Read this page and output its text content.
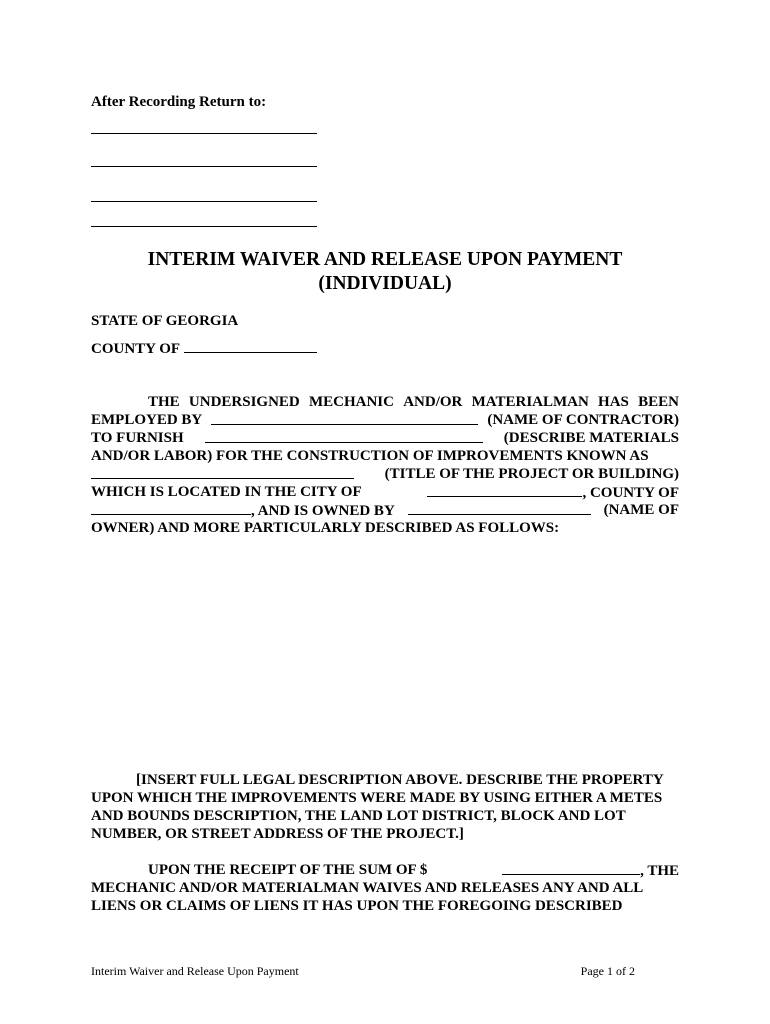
After Recording Return to:
INTERIM WAIVER AND RELEASE UPON PAYMENT
(INDIVIDUAL)
STATE OF GEORGIA
COUNTY OF
THE UNDERSIGNED MECHANIC AND/OR MATERIALMAN HAS BEEN
EMPLOYED BY	(NAME OF CONTRACTOR)
TO FURNISH	(DESCRIBE MATERIALS
AND/OR LABOR) FOR THE CONSTRUCTION OF IMPROVEMENTS KNOWN AS
(TITLE OF THE PROJECT OR BUILDING)
WHICH IS LOCATED IN THE CITY OF	, COUNTY OF
, AND IS OWNED BY	(NAME OF
OWNER) AND MORE PARTICULARLY DESCRIBED AS FOLLOWS:
[INSERT FULL LEGAL DESCRIPTION ABOVE. DESCRIBE THE PROPERTY
UPON WHICH THE IMPROVEMENTS WERE MADE BY USING EITHER A METES
AND BOUNDS DESCRIPTION, THE LAND LOT DISTRICT, BLOCK AND LOT
NUMBER, OR STREET ADDRESS OF THE PROJECT.]
UPON THE RECEIPT OF THE SUM OF $	, THE
MECHANIC AND/OR MATERIALMAN WAIVES AND RELEASES ANY AND ALL
LIENS OR CLAIMS OF LIENS IT HAS UPON THE FOREGOING DESCRIBED
Interim Waiver and Release Upon Payment	Page 1 of 2
